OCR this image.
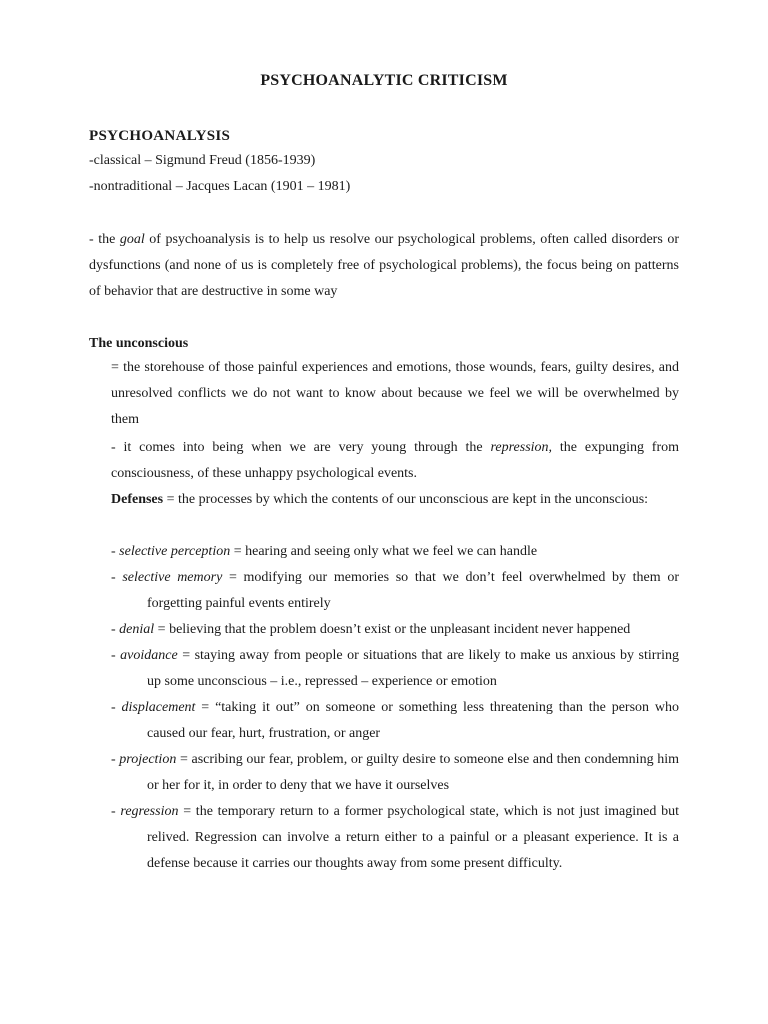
PSYCHOANALYTIC CRITICISM
PSYCHOANALYSIS
-classical – Sigmund Freud (1856-1939)
-nontraditional – Jacques Lacan (1901 – 1981)
- the goal of psychoanalysis is to help us resolve our psychological problems, often called disorders or dysfunctions (and none of us is completely free of psychological problems), the focus being on patterns of behavior that are destructive in some way
The unconscious
= the storehouse of those painful experiences and emotions, those wounds, fears, guilty desires, and unresolved conflicts we do not want to know about because we feel we will be overwhelmed by them
- it comes into being when we are very young through the repression, the expunging from consciousness, of these unhappy psychological events.
Defenses = the processes by which the contents of our unconscious are kept in the unconscious:
- selective perception = hearing and seeing only what we feel we can handle
- selective memory = modifying our memories so that we don’t feel overwhelmed by them or forgetting painful events entirely
- denial = believing that the problem doesn’t exist or the unpleasant incident never happened
- avoidance = staying away from people or situations that are likely to make us anxious by stirring up some unconscious – i.e., repressed – experience or emotion
- displacement = “taking it out” on someone or something less threatening than the person who caused our fear, hurt, frustration, or anger
- projection = ascribing our fear, problem, or guilty desire to someone else and then condemning him or her for it, in order to deny that we have it ourselves
- regression = the temporary return to a former psychological state, which is not just imagined but relived. Regression can involve a return either to a painful or a pleasant experience. It is a defense because it carries our thoughts away from some present difficulty.
